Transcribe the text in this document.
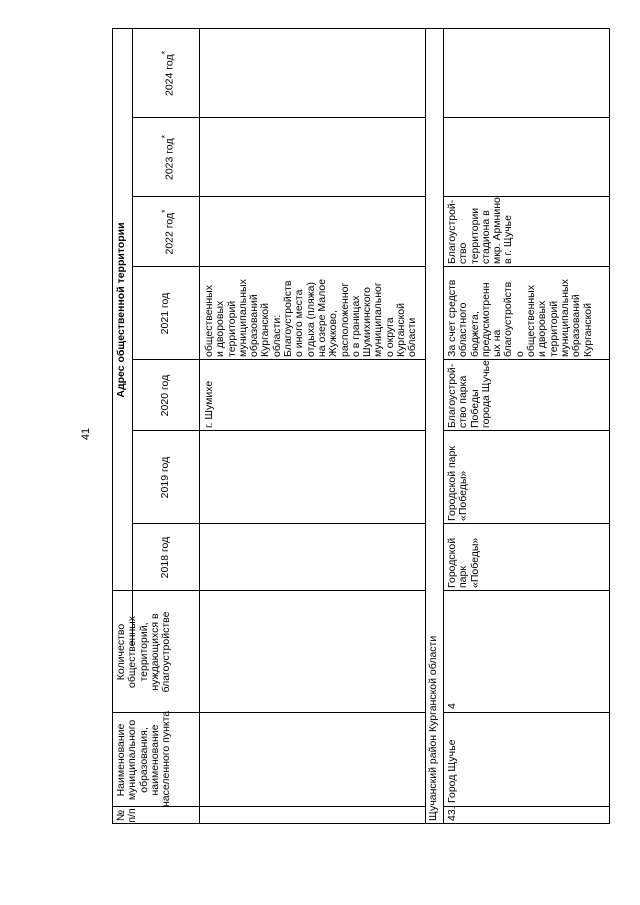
41
№ п/п
Наименование муниципального образования, наименование населенного пункта
Количество общественных территорий, нуждающихся в благоустройстве
Адрес общественной территории
2018 год
2019 год
2020 год
2021 год
2022 год*
2023 год*
2024 год*
г. Шумихе
общественных и дворовых территорий муниципальных образований Курганской области: Благоустройств о иного места отдыха (пляжа) на озере Малое Жужково, расположенног о в границах Шумихинского муниципальног о округа Курганской области
Щучанский район Курганской области 43.
Город Щучье
4
Городской парк «Победы»
Городской парк «Победы»
Благоустрой- ство парка Победы города Щучье
За счет средств областного бюджета, предусмотренн ых на благоустройств о общественных и дворовых территорий муниципальных образований Курганской
Благоустрой- ство территории стадиона в мкр. Армнино в г. Щучье
